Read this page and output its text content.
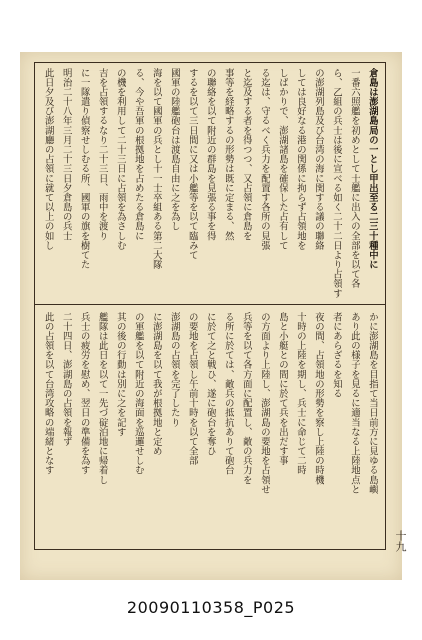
倉島は澎湖島局の一とし甲出至る二三十種中に
一番六照艦を初めとして士艦に出入の全部を以て各
ら、乙組の兵士は後に宣べる如く二十二日より占領す
の澎湖列島及び台湾の海に関する議の聯絡
しては良好なる港の関係に拘らず占領地を
しばかりで、澎湖諸島を確保した占有して
る迄は、守るべく兵力を配置す各所の見張
と迄及する者を得つつ、又占領に倉島を
事等を経略するの形勢は既に定まる、然
の聯絡を以て附近の群島を見張る事を得
するを以て三日間に又は小艦等を以て臨みて
國軍の陸艦砲台は渡島自由に之を為し
海を以て國軍の兵とし十一士卒組ある第二大隊
る、今や吾軍の根拠地を占めたる倉島に
の機を利用して二十三日に占領を為さしむ
吉を占領するなり二十三日、雨中を渡り
に一隊遣り偵察せしむる所、國軍の旗を樹てた
明治二十八年三月二十三日夕倉島の兵士
此日夕及び澎湖廳の占領に就て以上の如し
かに澎湖島を目指て当日前方に見ゆる島嶼
あり此の様子を見るに適当なる上陸地点と
者にあらざるを知る
夜の間、占領地の形勢を察し上陸の時機
十時の上陸を期し、兵士に命じて二時
島と小艇との間に於て兵を出だす事
の方面より上陸し、澎湖島の要地を占領せ
兵等を以て各方面に配置し、敵の兵力を
る所に於ては、敵兵の抵抗ありて砲台
に於て之と戦ひ、遂に砲台を奪ひ
の要地を占領し午前十時を以て全部
澎湖島の占領を完了したり
に澎湖島を以て我が根拠地と定め
の軍艦を以て附近の海面を巡邏せしむ
其の後の行動は別に之を記す
艦隊は此日を以て一先づ碇泊地に帰着し
兵士の疲労を慰め、翌日の準備を為す
二十四日、澎湖島の占領を報ず
此の占領を以て台湾攻略の端緒となす
十九
20090110358_P025
